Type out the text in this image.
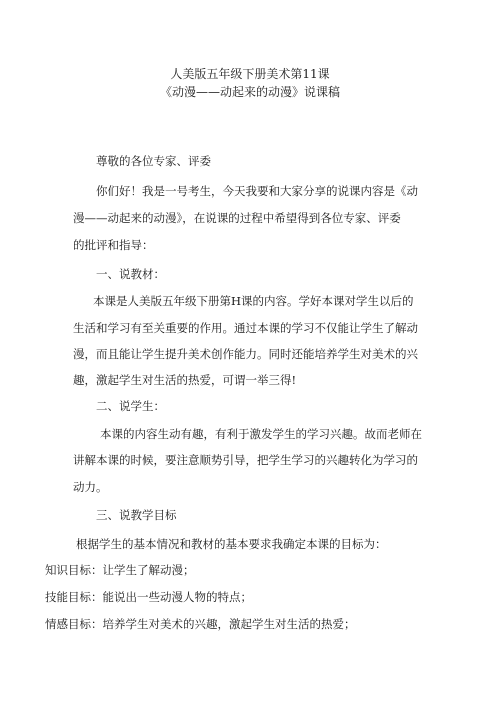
人美版五年级下册美术第11课
《动漫——动起来的动漫》说课稿
尊敬的各位专家、评委
你们好！我是一号考生，今天我要和大家分享的说课内容是《动
漫——动起来的动漫》，在说课的过程中希望得到各位专家、评委
的批评和指导：
一、说教材：
本课是人美版五年级下册第H课的内容。学好本课对学生以后的
生活和学习有至关重要的作用。通过本课的学习不仅能让学生了解动
漫，而且能让学生提升美术创作能力。同时还能培养学生对美术的兴
趣，激起学生对生活的热爱，可谓一举三得!
二、说学生：
本课的内容生动有趣，有利于激发学生的学习兴趣。故而老师在
讲解本课的时候，要注意顺势引导，把学生学习的兴趣转化为学习的
动力。
三、说教学目标
根据学生的基本情况和教材的基本要求我确定本课的目标为：
知识目标：让学生了解动漫；
技能目标：能说出一些动漫人物的特点；
情感目标：培养学生对美术的兴趣，激起学生对生活的热爱；
